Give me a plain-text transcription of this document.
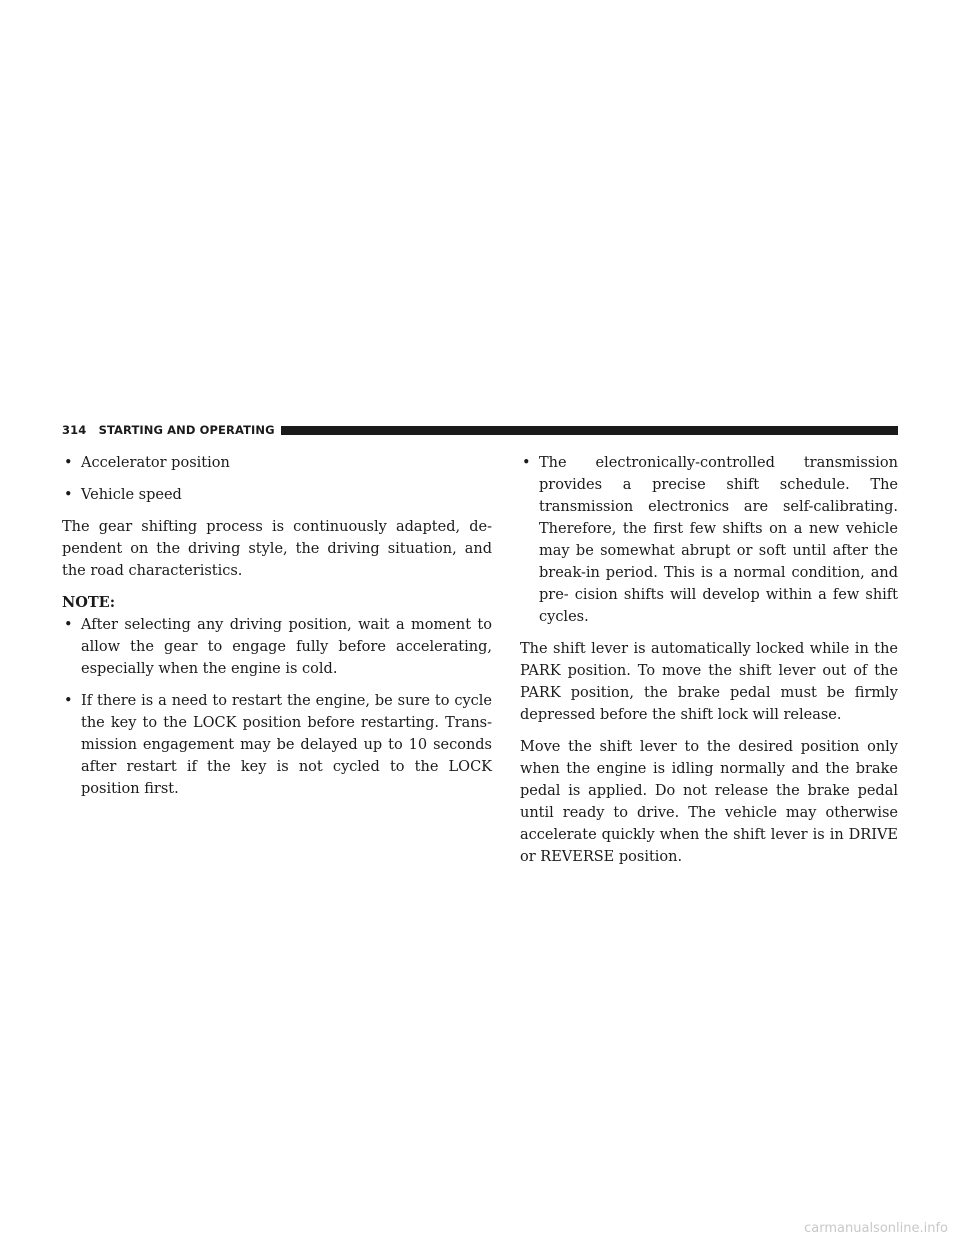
314   STARTING AND OPERATING
• Accelerator position
• Vehicle speed

The gear shifting process is continuously adapted, de- pendent on the driving style, the driving situation, and the road characteristics.

NOTE:

• After selecting any driving position, wait a moment to allow the gear to engage fully before accelerating, especially when the engine is cold.
• If there is a need to restart the engine, be sure to cycle the key to the LOCK position before restarting. Trans- mission engagement may be delayed up to 10 seconds after restart if the key is not cycled to the LOCK position first.
• The electronically-controlled transmission provides a precise shift schedule. The transmission electronics are self-calibrating. Therefore, the first few shifts on a new vehicle may be somewhat abrupt or soft until after the break-in period. This is a normal condition, and pre- cision shifts will develop within a few shift cycles.

The shift lever is automatically locked while in the PARK position. To move the shift lever out of the PARK position, the brake pedal must be firmly depressed before the shift lock will release.

Move the shift lever to the desired position only when the engine is idling normally and the brake pedal is applied. Do not release the brake pedal until ready to drive. The vehicle may otherwise accelerate quickly when the shift lever is in DRIVE or REVERSE position.

carmanualsonline.info
